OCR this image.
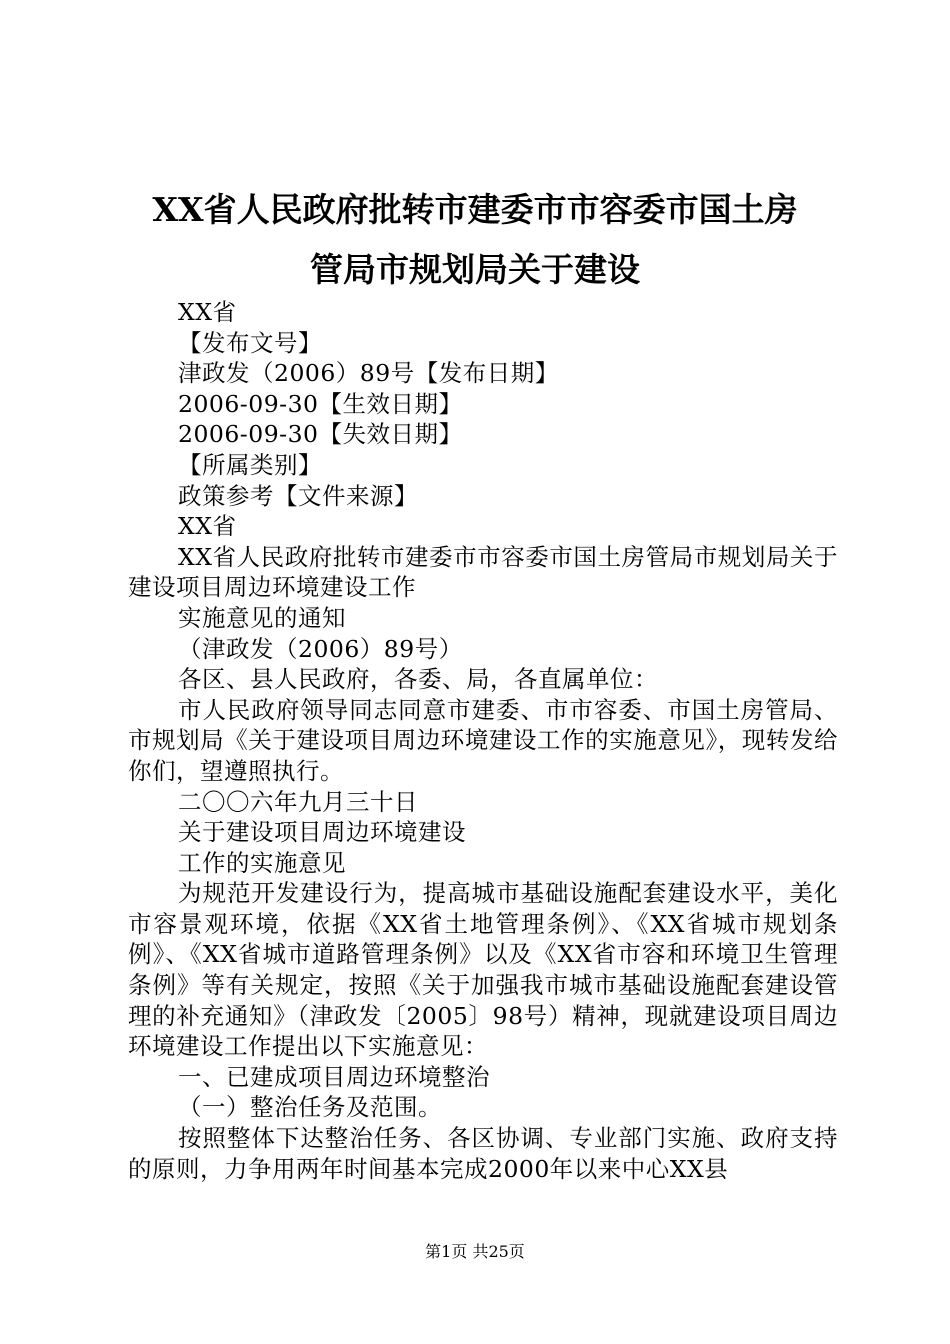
XX省人民政府批转市建委市市容委市国土房
管局市规划局关于建设

XX省

【发布文号】

津政发（2006）89号【发布日期】

2006-09-30【生效日期】

2006-09-30【失效日期】

【所属类别】

政策参考【文件来源】

XX省

XX省人民政府批转市建委市市容委市国土房管局市规划局关于建设项目周边环境建设工作

实施意见的通知

（津政发（2006）89号）

各区、县人民政府，各委、局，各直属单位：

市人民政府领导同志同意市建委、市市容委、市国土房管局、市规划局《关于建设项目周边环境建设工作的实施意见》，现转发给你们，望遵照执行。

二〇〇六年九月三十日

关于建设项目周边环境建设

工作的实施意见

为规范开发建设行为，提高城市基础设施配套建设水平，美化市容景观环境，依据《XX省土地管理条例》、《XX省城市规划条例》、《XX省城市道路管理条例》以及《XX省市容和环境卫生管理条例》等有关规定，按照《关于加强我市城市基础设施配套建设管理的补充通知》（津政发〔2005〕98号）精神，现就建设项目周边环境建设工作提出以下实施意见：

一、已建成项目周边环境整治

（一）整治任务及范围。

按照整体下达整治任务、各区协调、专业部门实施、政府支持的原则，力争用两年时间基本完成2000年以来中心XX县

第1页 共25页
